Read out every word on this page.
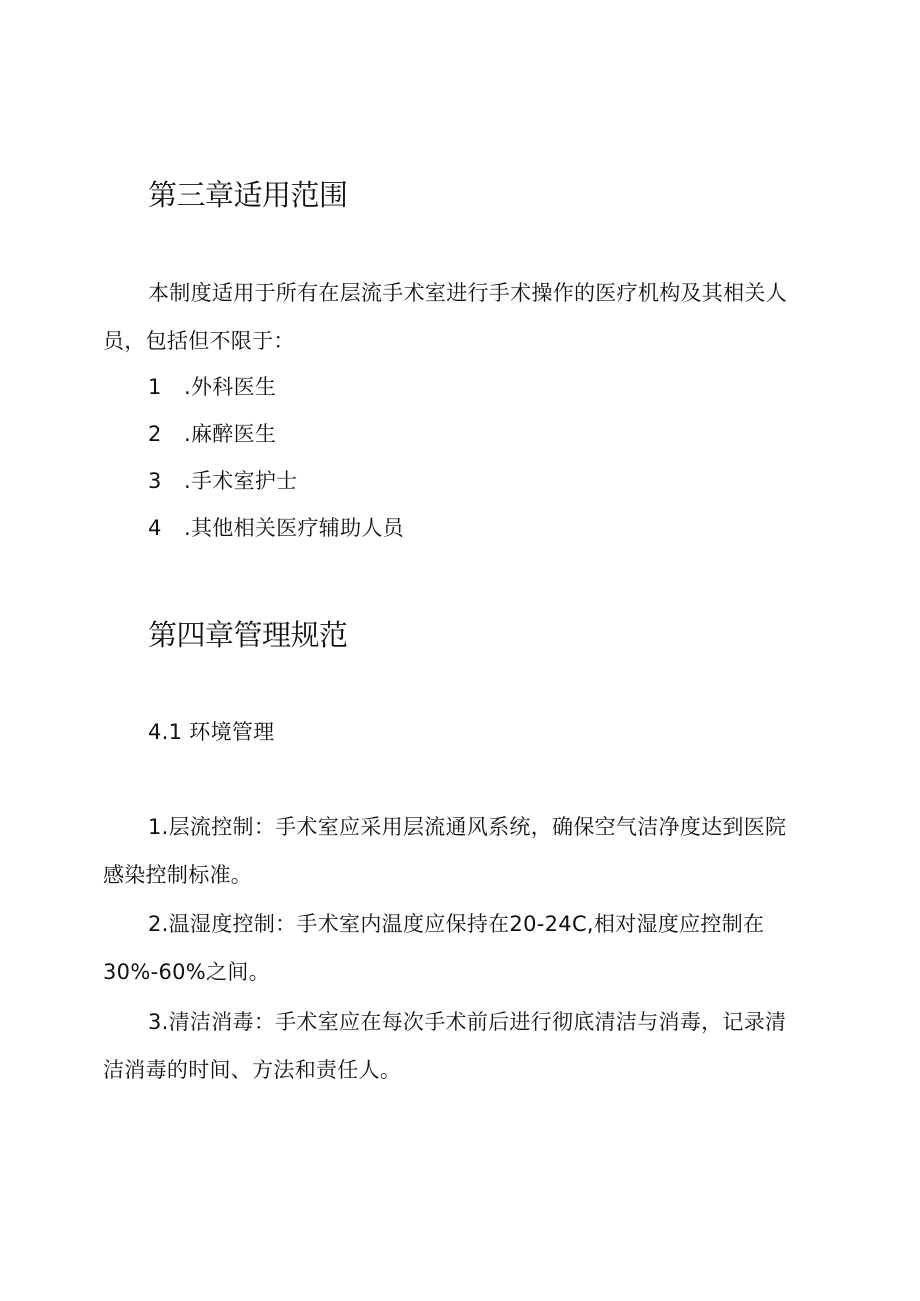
第三章适用范围

本制度适用于所有在层流手术室进行手术操作的医疗机构及其相关人

员，包括但不限于：

1 .外科医生

2 .麻醉医生

3 .手术室护士

4 .其他相关医疗辅助人员

第四章管理规范

4.1 环境管理

1.层流控制：手术室应采用层流通风系统，确保空气洁净度达到医院

感染控制标准。

2.温湿度控制：手术室内温度应保持在20-24C,相对湿度应控制在

30%-60%之间。

3.清洁消毒：手术室应在每次手术前后进行彻底清洁与消毒，记录清

洁消毒的时间、方法和责任人。
